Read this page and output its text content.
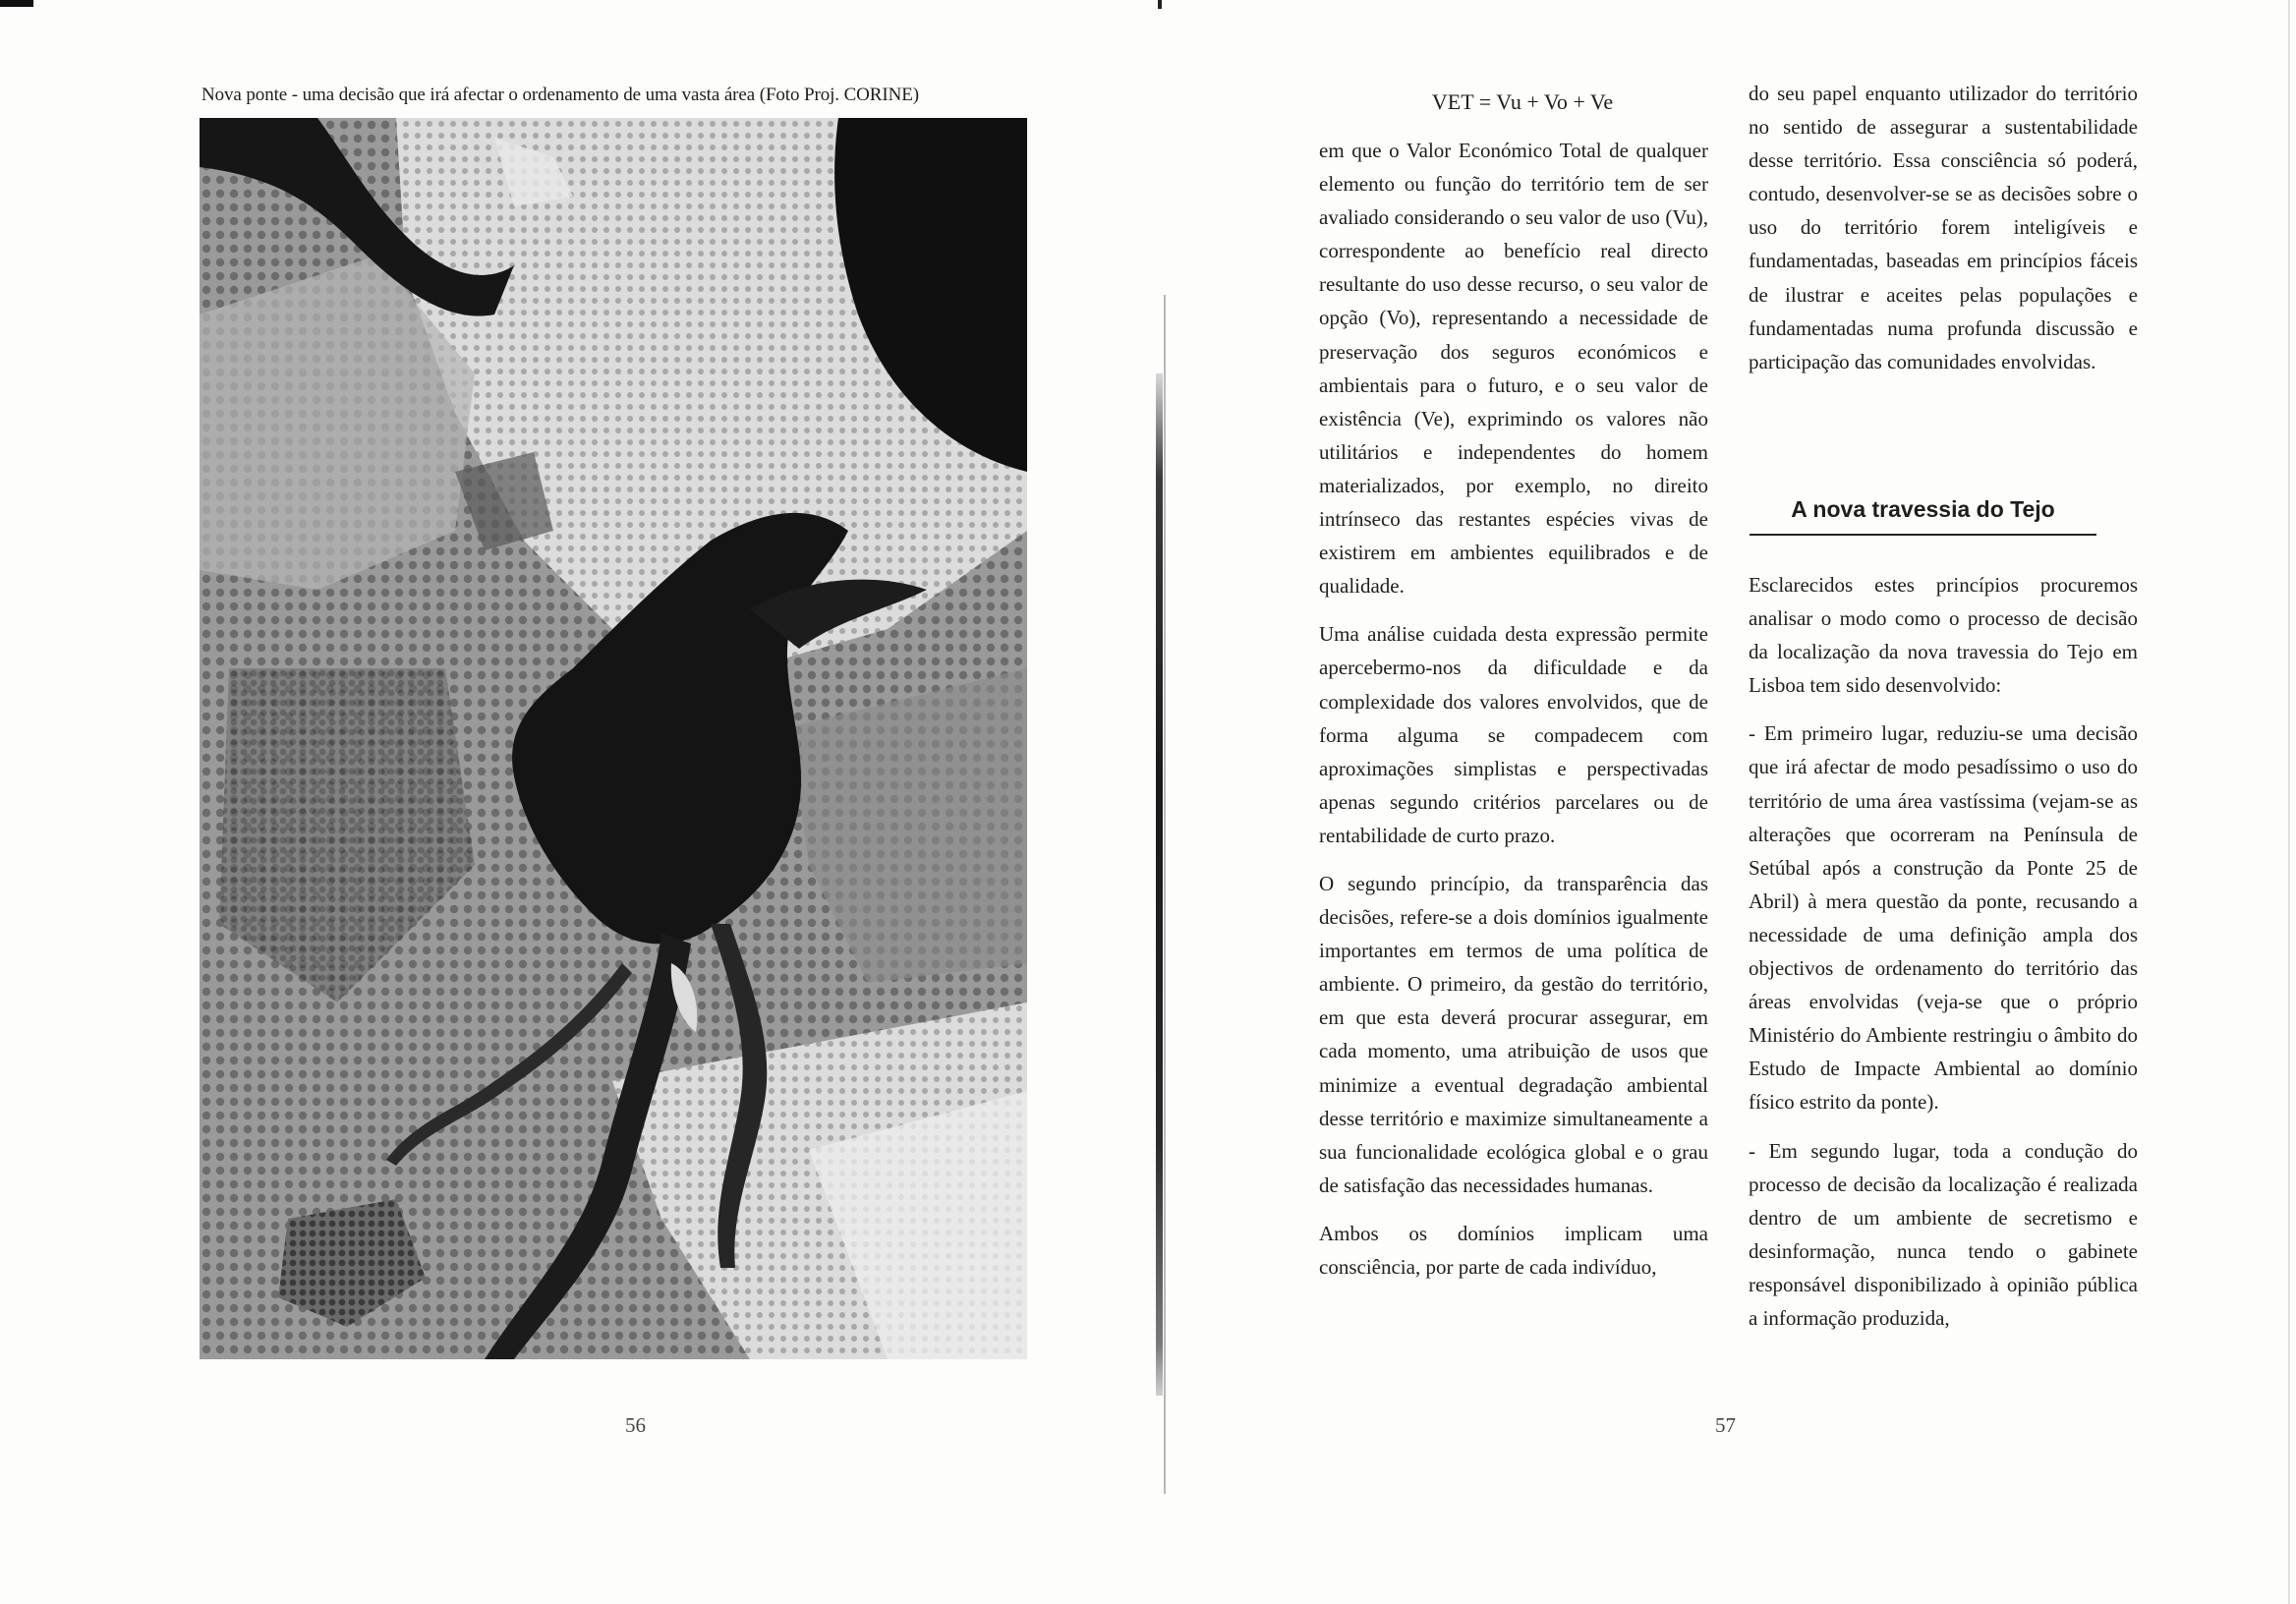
Nova ponte - uma decisão que irá afectar o ordenamento de uma vasta área (Foto Proj. CORINE)
56
VET = Vu + Vo + Ve

em que o Valor Económico Total de qualquer elemento ou função do território tem de ser avaliado considerando o seu valor de uso (Vu), correspondente ao benefício real directo resultante do uso desse recurso, o seu valor de opção (Vo), representando a necessidade de preservação dos seguros económicos e ambientais para o futuro, e o seu valor de existência (Ve), exprimindo os valores não utilitários e independentes do homem materializados, por exemplo, no direito intrínseco das restantes espécies vivas de existirem em ambientes equilibrados e de qualidade.

Uma análise cuidada desta expressão permite apercebermo-nos da dificuldade e da complexidade dos valores envolvidos, que de forma alguma se compadecem com aproximações simplistas e perspectivadas apenas segundo critérios parcelares ou de rentabilidade de curto prazo.

O segundo princípio, da transparência das decisões, refere-se a dois domínios igualmente importantes em termos de uma política de ambiente. O primeiro, da gestão do território, em que esta deverá procurar assegurar, em cada momento, uma atribuição de usos que minimize a eventual degradação ambiental desse território e maximize simultaneamente a sua funcionalidade ecológica global e o grau de satisfação das necessidades humanas.

Ambos os domínios implicam uma consciência, por parte de cada indivíduo,

do seu papel enquanto utilizador do território no sentido de assegurar a sustentabilidade desse território. Essa consciência só poderá, contudo, desenvolver-se se as decisões sobre o uso do território forem inteligíveis e fundamentadas, baseadas em princípios fáceis de ilustrar e aceites pelas populações e fundamentadas numa profunda discussão e participação das comunidades envolvidas.

A nova travessia do Tejo

Esclarecidos estes princípios procuremos analisar o modo como o processo de decisão da localização da nova travessia do Tejo em Lisboa tem sido desenvolvido:

- Em primeiro lugar, reduziu-se uma decisão que irá afectar de modo pesadíssimo o uso do território de uma área vastíssima (vejam-se as alterações que ocorreram na Península de Setúbal após a construção da Ponte 25 de Abril) à mera questão da ponte, recusando a necessidade de uma definição ampla dos objectivos de ordenamento do território das áreas envolvidas (veja-se que o próprio Ministério do Ambiente restringiu o âmbito do Estudo de Impacte Ambiental ao domínio físico estrito da ponte).

- Em segundo lugar, toda a condução do processo de decisão da localização é realizada dentro de um ambiente de secretismo e desinformação, nunca tendo o gabinete responsável disponibilizado à opinião pública a informação produzida,

57
